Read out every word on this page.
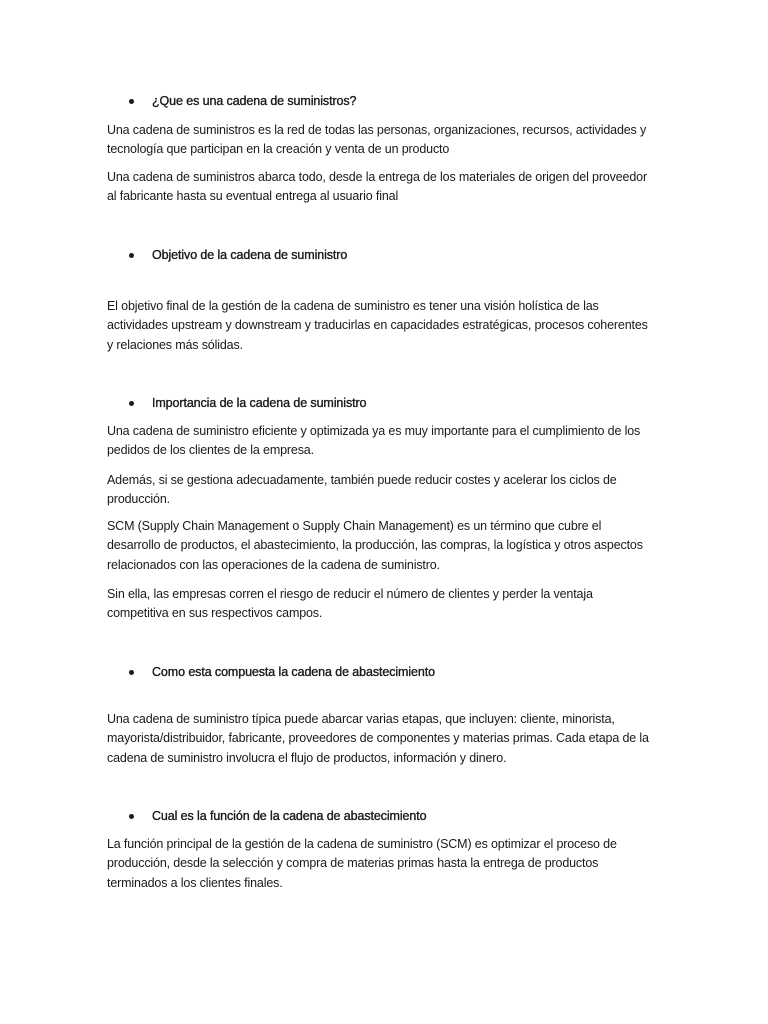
¿Que es una cadena de suministros?

Una cadena de suministros es la red de todas las personas, organizaciones, recursos, actividades y tecnología que participan en la creación y venta de un producto

Una cadena de suministros abarca todo, desde la entrega de los materiales de origen del proveedor al fabricante hasta su eventual entrega al usuario final

Objetivo de la cadena de suministro

El objetivo final de la gestión de la cadena de suministro es tener una visión holística de las actividades upstream y downstream y traducirlas en capacidades estratégicas, procesos coherentes y relaciones más sólidas.

Importancia de la cadena de suministro

Una cadena de suministro eficiente y optimizada ya es muy importante para el cumplimiento de los pedidos de los clientes de la empresa.

Además, si se gestiona adecuadamente, también puede reducir costes y acelerar los ciclos de producción.

SCM (Supply Chain Management o Supply Chain Management) es un término que cubre el desarrollo de productos, el abastecimiento, la producción, las compras, la logística y otros aspectos relacionados con las operaciones de la cadena de suministro.

Sin ella, las empresas corren el riesgo de reducir el número de clientes y perder la ventaja competitiva en sus respectivos campos.

Como esta compuesta la cadena de abastecimiento

Una cadena de suministro típica puede abarcar varias etapas, que incluyen: cliente, minorista, mayorista/distribuidor, fabricante, proveedores de componentes y materias primas. Cada etapa de la cadena de suministro involucra el flujo de productos, información y dinero.

Cual es la función de la cadena de abastecimiento

La función principal de la gestión de la cadena de suministro (SCM) es optimizar el proceso de producción, desde la selección y compra de materias primas hasta la entrega de productos terminados a los clientes finales.
